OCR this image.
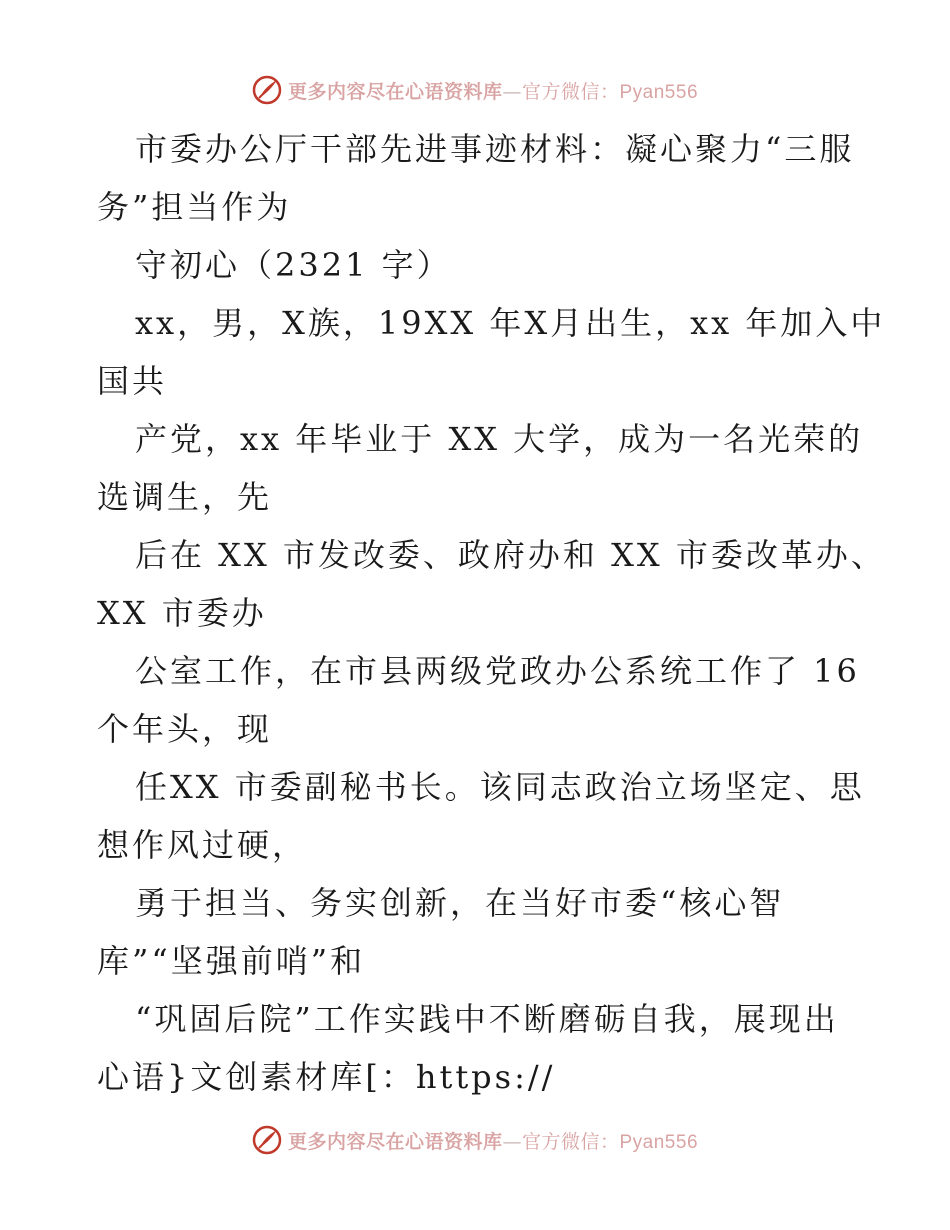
更多内容尽在心语资料库—官方微信：Pyan556
市委办公厅干部先进事迹材料：凝心聚力“三服
务”担当作为
守初心（2321 字）
xx，男，X族，19XX 年X月出生，xx 年加入中
国共
产党，xx 年毕业于 XX 大学，成为一名光荣的
选调生，先
后在 XX 市发改委、政府办和 XX 市委改革办、
XX 市委办
公室工作，在市县两级党政办公系统工作了 16
个年头，现
任XX 市委副秘书长。该同志政治立场坚定、思
想作风过硬，
勇于担当、务实创新，在当好市委“核心智
库”“坚强前哨”和
“巩固后院”工作实践中不断磨砺自我，展现出
心语}文创素材库[：https://
更多内容尽在心语资料库—官方微信：Pyan556
